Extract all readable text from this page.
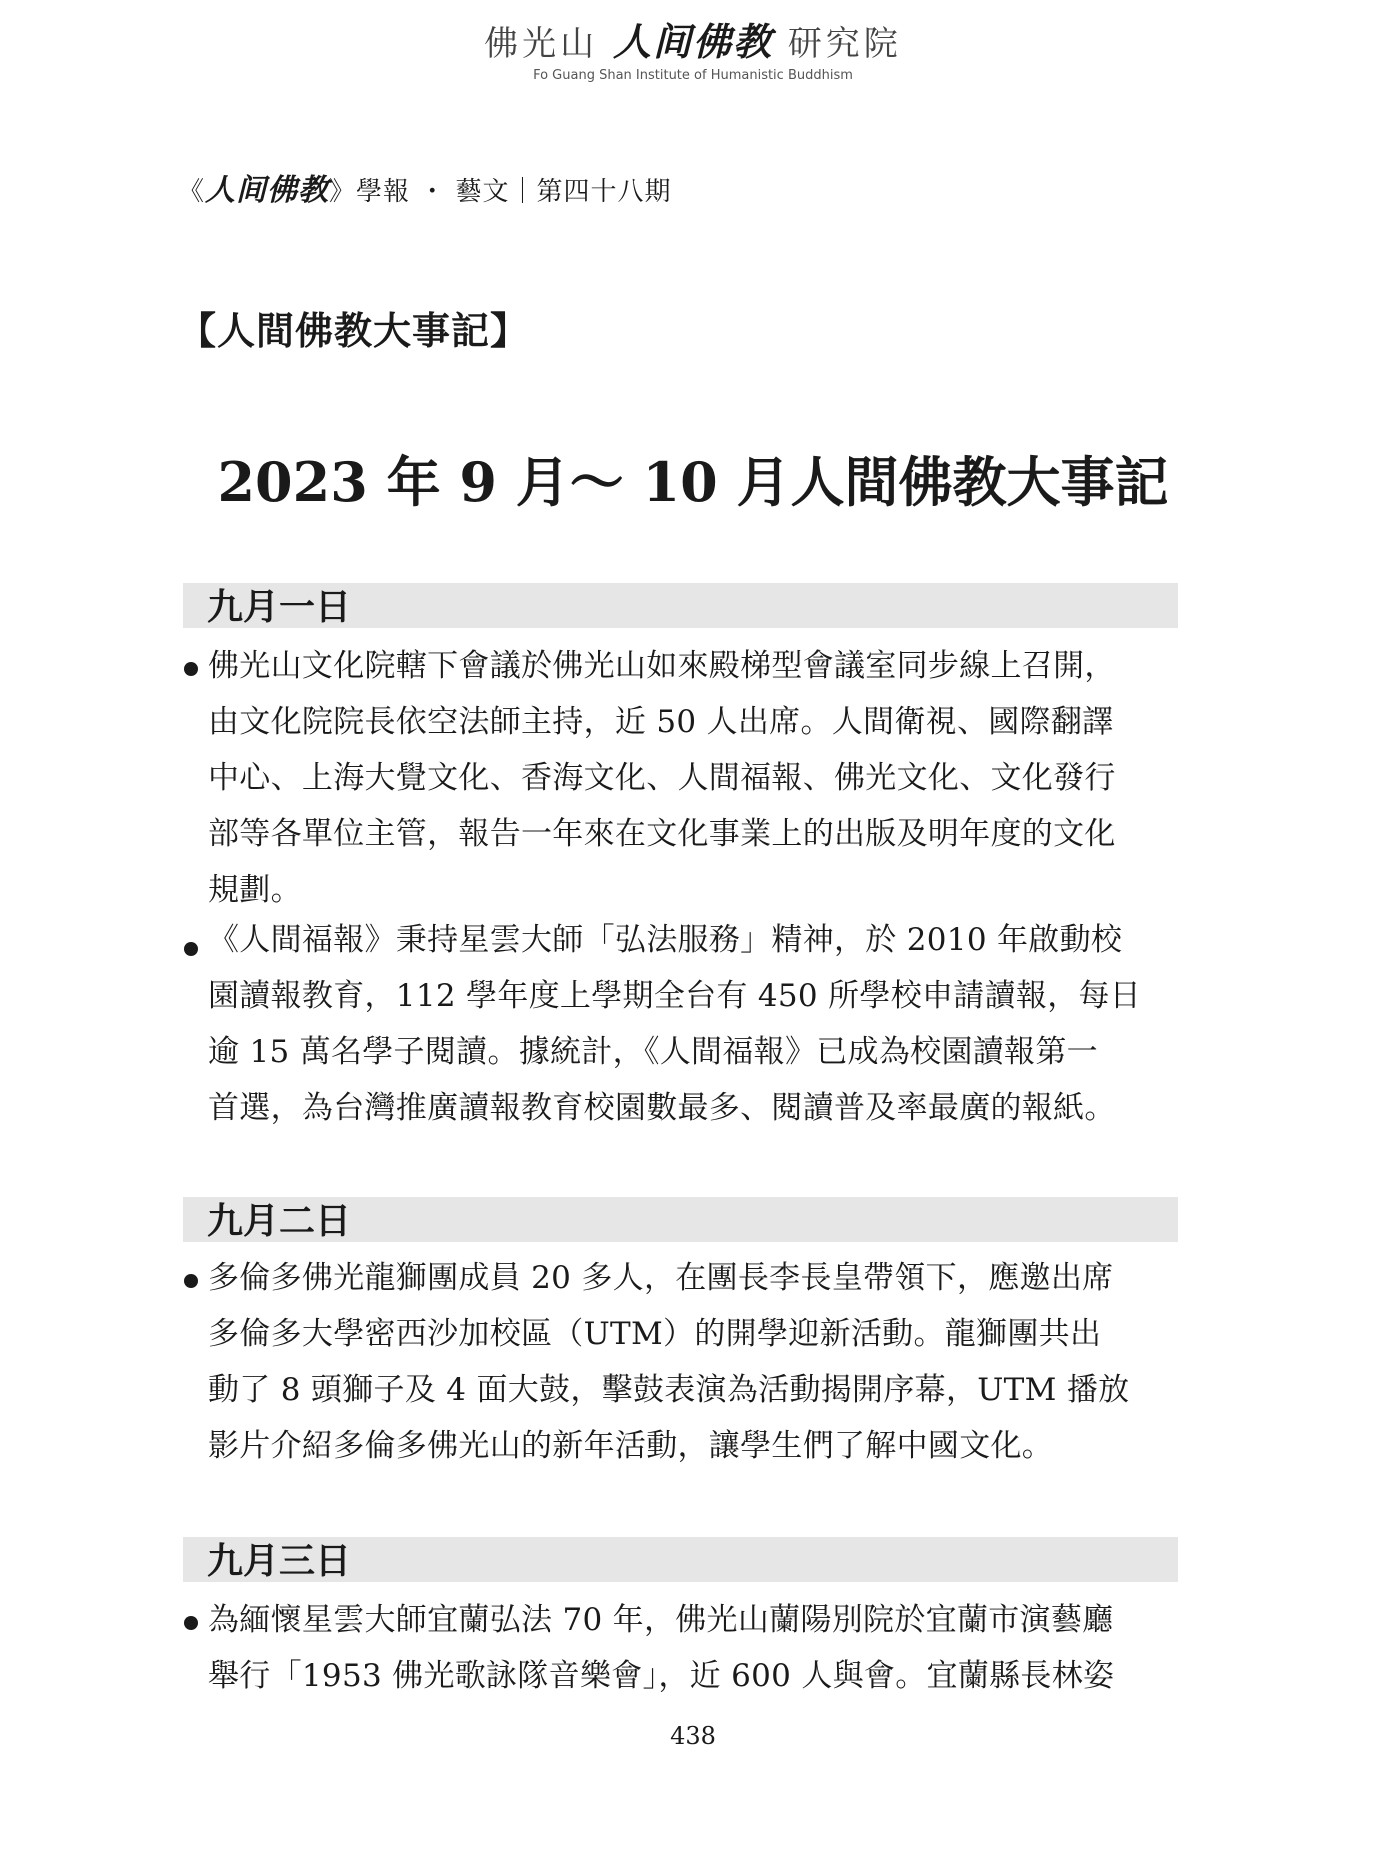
佛光山 人间佛教 研究院
Fo Guang Shan Institute of Humanistic Buddhism
《人间佛教》學報 ・ 藝文｜第四十八期
【人間佛教大事記】
2023 年 9 月～ 10 月人間佛教大事記
九月一日
佛光山文化院轄下會議於佛光山如來殿梯型會議室同步線上召開，
由文化院院長依空法師主持，近 50 人出席。人間衛視、國際翻譯
中心、上海大覺文化、香海文化、人間福報、佛光文化、文化發行
部等各單位主管，報告一年來在文化事業上的出版及明年度的文化
規劃。
《人間福報》秉持星雲大師「弘法服務」精神，於 2010 年啟動校
園讀報教育，112 學年度上學期全台有 450 所學校申請讀報，每日
逾 15 萬名學子閱讀。據統計，《人間福報》已成為校園讀報第一
首選，為台灣推廣讀報教育校園數最多、閱讀普及率最廣的報紙。
九月二日
多倫多佛光龍獅團成員 20 多人，在團長李長皇帶領下，應邀出席
多倫多大學密西沙加校區（UTM）的開學迎新活動。龍獅團共出
動了 8 頭獅子及 4 面大鼓，擊鼓表演為活動揭開序幕，UTM 播放
影片介紹多倫多佛光山的新年活動，讓學生們了解中國文化。
九月三日
為緬懷星雲大師宜蘭弘法 70 年，佛光山蘭陽別院於宜蘭市演藝廳
舉行「1953 佛光歌詠隊音樂會」，近 600 人與會。宜蘭縣長林姿
438
